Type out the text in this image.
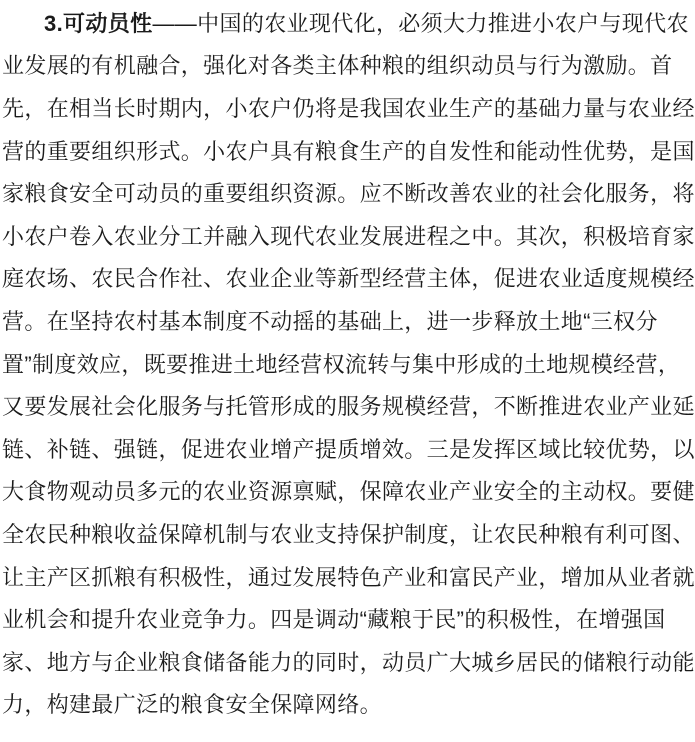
3.可动员性 ——中国的农业现代化，必须大力推进小农户与现代农
业发展的有机融合，强化对各类主体种粮的组织动员与行为激励。首
先，在相当长时期内，小农户仍将是我国农业生产的基础力量与农业经
营的重要组织形式。小农户具有粮食生产的自发性和能动性优势，是国
家粮食安全可动员的重要组织资源。应不断改善农业的社会化服务，将
小农户卷入农业分工并融入现代农业发展进程之中。其次，积极培育家
庭农场、农民合作社、农业企业等新型经营主体，促进农业适度规模经
营。在坚持农村基本制度不动摇的基础上，进一步释放土地“三权分
置”制度效应，既要推进土地经营权流转与集中形成的土地规模经营，
又要发展社会化服务与托管形成的服务规模经营，不断推进农业产业延
链、补链、强链，促进农业增产提质增效。三是发挥区域比较优势，以
大食物观动员多元的农业资源禀赋，保障农业产业安全的主动权。要健
全农民种粮收益保障机制与农业支持保护制度，让农民种粮有利可图、
让主产区抓粮有积极性，通过发展特色产业和富民产业，增加从业者就
业机会和提升农业竞争力。四是调动“藏粮于民”的积极性，在增强国
家、地方与企业粮食储备能力的同时，动员广大城乡居民的储粮行动能
力，构建最广泛的粮食安全保障网络。
